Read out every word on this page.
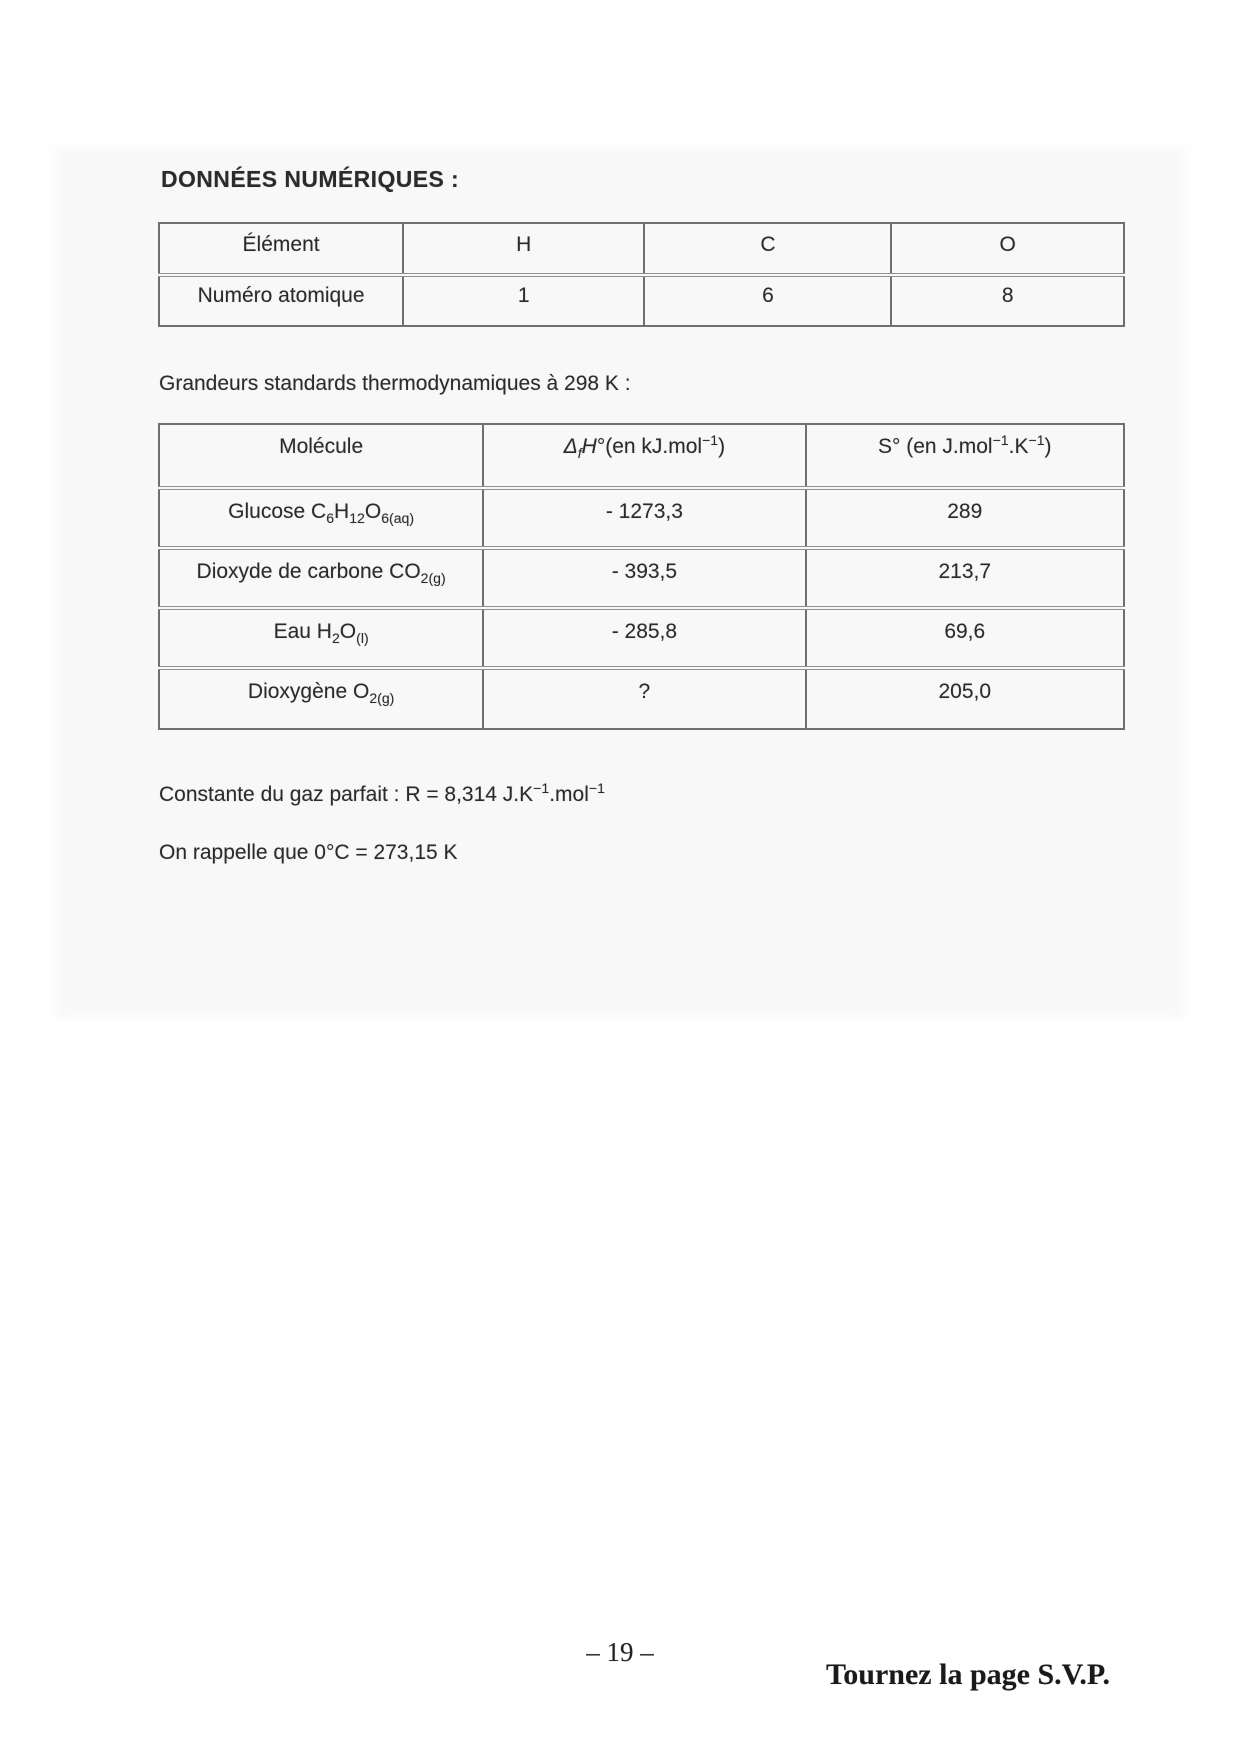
DONNÉES NUMÉRIQUES :
Élément	H	C	O
Numéro atomique	1	6	8
Grandeurs standards thermodynamiques à 298 K :
Molécule	$\Delta_fH^\circ(en$ kJ.mol$^{-1}$)	S° (en $J.mol^{-1}.K^{-1}$)
Glucose $C_6H_{12}O_{6(aq)}$	- 1273,3	289
Dioxyde de carbone $CO_{2(g)}$	- 393,5	213,7
Eau $H_2O_{(l)}$	- 285,8	69,6
Dioxygène $O_{2(g)}$	?	205,0
Constante du gaz parfait : R = 8,314 $J.K^{-1}.mol^{-1}$
On rappelle que 0°C = 273,15 K
– 19 –
Tournez la page S.V.P.
